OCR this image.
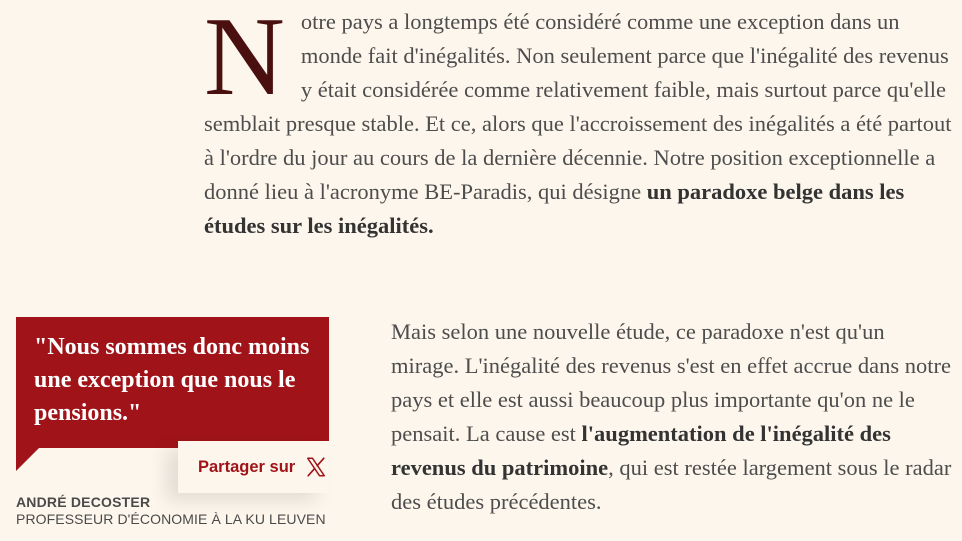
Notre pays a longtemps été considéré comme une exception dans un monde fait d'inégalités. Non seulement parce que l'inégalité des revenus y était considérée comme relativement faible, mais surtout parce qu'elle semblait presque stable. Et ce, alors que l'accroissement des inégalités a été partout à l'ordre du jour au cours de la dernière décennie. Notre position exceptionnelle a donné lieu à l'acronyme BE-Paradis, qui désigne un paradoxe belge dans les études sur les inégalités.

"Nous sommes donc moins une exception que nous le pensions."
Partager sur
ANDRÉ DECOSTER
PROFESSEUR D'ÉCONOMIE À LA KU LEUVEN

Mais selon une nouvelle étude, ce paradoxe n'est qu'un mirage. L'inégalité des revenus s'est en effet accrue dans notre pays et elle est aussi beaucoup plus importante qu'on ne le pensait. La cause est l'augmentation de l'inégalité des revenus du patrimoine, qui est restée largement sous le radar des études précédentes.
